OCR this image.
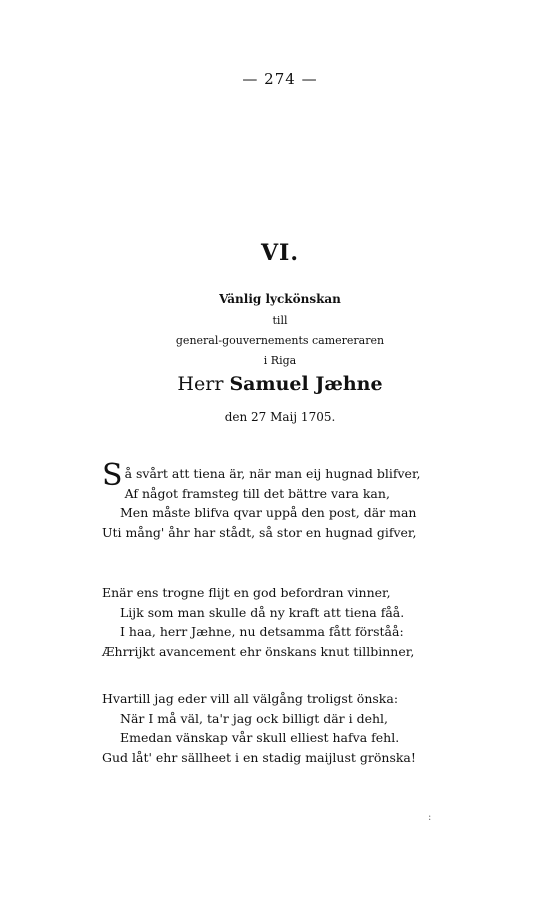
— 274 —
VI.
Vänlig lyckönskan
till
general-gouvernements camereraren
i Riga
Herr Samuel Jæhne
den 27 Maij 1705.
Så svårt att tiena är, när man eij hugnad blifver,
Af något framsteg till det bättre vara kan,
Men måste blifva qvar uppå den post, där man
Uti mång' åhr har stådt, så stor en hugnad gifver,
Enär ens trogne flijt en god befordran vinner,
Lijk som man skulle då ny kraft att tiena fåå.
I haa, herr Jæhne, nu detsamma fått förståå:
Æhrrijkt avancement ehr önskans knut tillbinner,
Hvartill jag eder vill all välgång troligst önska:
När I må väl, ta'r jag ock billigt där i dehl,
Emedan vänskap vår skull elliest hafva fehl.
Gud låt' ehr sällheet i en stadig maijlust grönska!
:
